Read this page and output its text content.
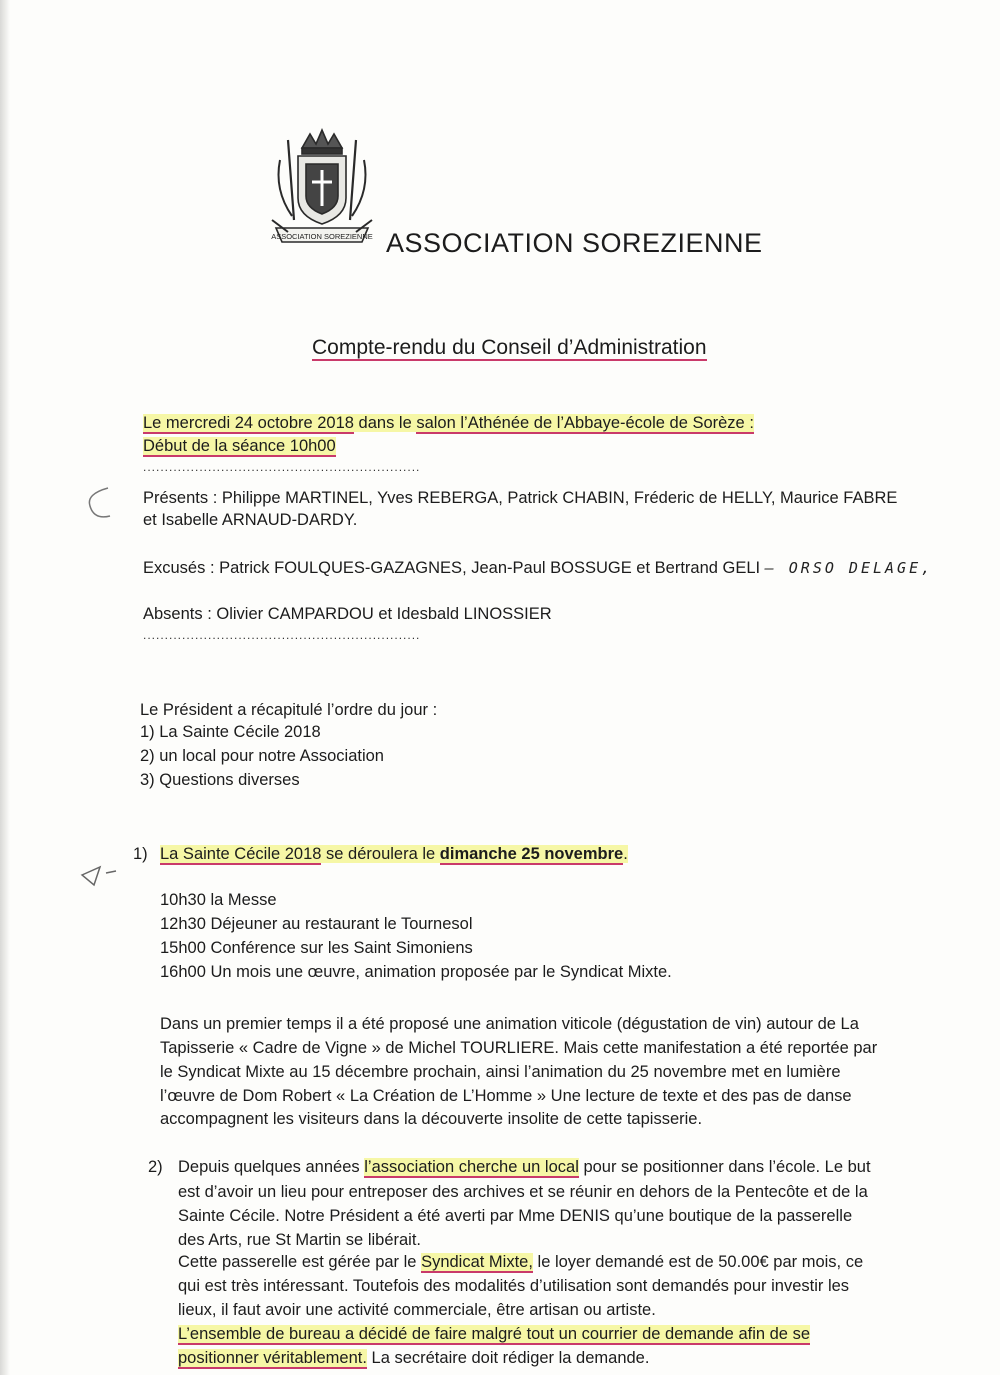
ASSOCIATION SOREZIENNE ASSOCIATION SOREZIENNE
Compte-rendu du Conseil d’Administration
Le mercredi 24 octobre 2018 dans le salon l’Athénée de l’Abbaye-école de Sorèze :
Début de la séance 10h00
................................................................
Présents : Philippe MARTINEL, Yves REBERGA, Patrick CHABIN, Fréderic de HELLY, Maurice FABRE
et Isabelle ARNAUD-DARDY.
Excusés : Patrick FOULQUES-GAZAGNES, Jean-Paul BOSSUGE et Bertrand GELI — ORSO DELAGE,
Absents : Olivier CAMPARDOU et Idesbald LINOSSIER
................................................................
Le Président a récapitulé l’ordre du jour :
1) La Sainte Cécile 2018
2) un local pour notre Association
3) Questions diverses
1) La Sainte Cécile 2018 se déroulera le dimanche 25 novembre.
10h30 la Messe
12h30 Déjeuner au restaurant le Tournesol
15h00 Conférence sur les Saint Simoniens
16h00 Un mois une œuvre, animation proposée par le Syndicat Mixte.
Dans un premier temps il a été proposé une animation viticole (dégustation de vin) autour de La
Tapisserie « Cadre de Vigne » de Michel TOURLIERE. Mais cette manifestation a été reportée par
le Syndicat Mixte au 15 décembre prochain, ainsi l’animation du 25 novembre met en lumière
l’œuvre de Dom Robert « La Création de L’Homme » Une lecture de texte et des pas de danse
accompagnent les visiteurs dans la découverte insolite de cette tapisserie.
2) Depuis quelques années l’association cherche un local pour se positionner dans l’école. Le but
est d’avoir un lieu pour entreposer des archives et se réunir en dehors de la Pentecôte et de la
Sainte Cécile. Notre Président a été averti par Mme DENIS qu’une boutique de la passerelle
des Arts, rue St Martin se libérait.
Cette passerelle est gérée par le Syndicat Mixte, le loyer demandé est de 50.00€ par mois, ce
qui est très intéressant. Toutefois des modalités d’utilisation sont demandés pour investir les
lieux, il faut avoir une activité commerciale, être artisan ou artiste.
L’ensemble de bureau a décidé de faire malgré tout un courrier de demande afin de se
positionner véritablement. La secrétaire doit rédiger la demande.
